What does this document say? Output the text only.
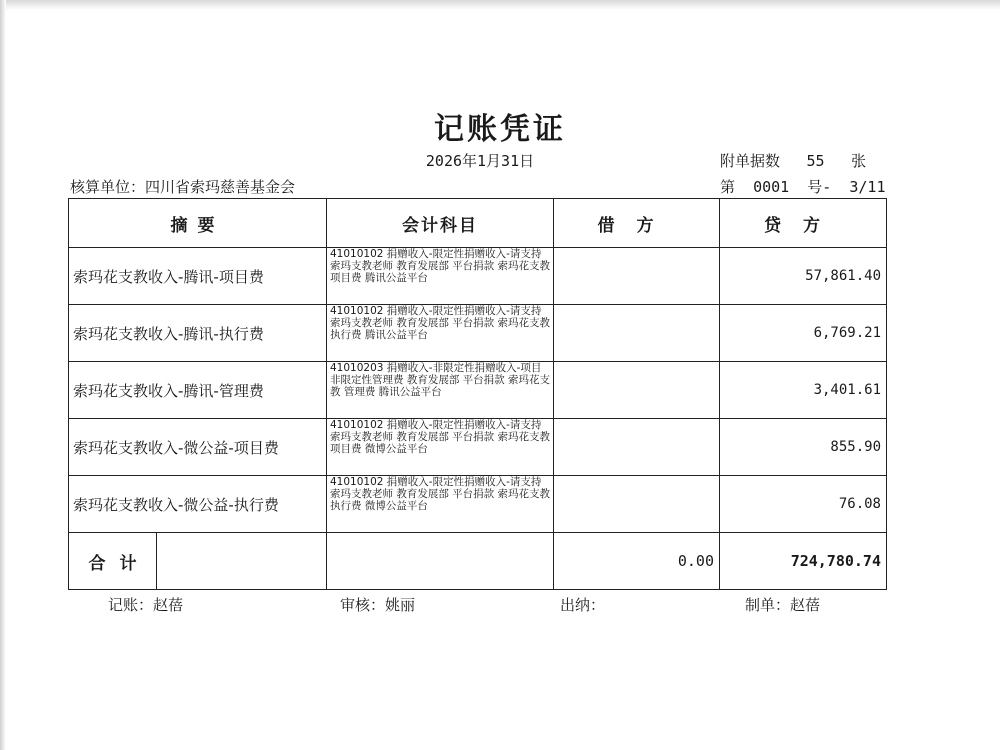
记账凭证
2026年1月31日	附单据数 55 张
核算单位：四川省索玛慈善基金会	第 0001 号- 3/11
摘要	会计科目	借方	贷方
索玛花支教收入-腾讯-项目费	41010102 捐赠收入-限定性捐赠收入-请支持索玛支教老师 教育发展部 平台捐款 索玛花支教 项目费 腾讯公益平台		57,861.40
索玛花支教收入-腾讯-执行费	41010102 捐赠收入-限定性捐赠收入-请支持索玛支教老师 教育发展部 平台捐款 索玛花支教 执行费 腾讯公益平台		6,769.21
索玛花支教收入-腾讯-管理费	41010203 捐赠收入-非限定性捐赠收入-项目非限定性管理费 教育发展部 平台捐款 索玛花支教 管理费 腾讯公益平台		3,401.61
索玛花支教收入-微公益-项目费	41010102 捐赠收入-限定性捐赠收入-请支持索玛支教老师 教育发展部 平台捐款 索玛花支教 项目费 微博公益平台		855.90
索玛花支教收入-微公益-执行费	41010102 捐赠收入-限定性捐赠收入-请支持索玛支教老师 教育发展部 平台捐款 索玛花支教 执行费 微博公益平台		76.08

合计		0.00	724,780.74
记账：赵蓓	审核：姚丽	出纳：	制单：赵蓓
